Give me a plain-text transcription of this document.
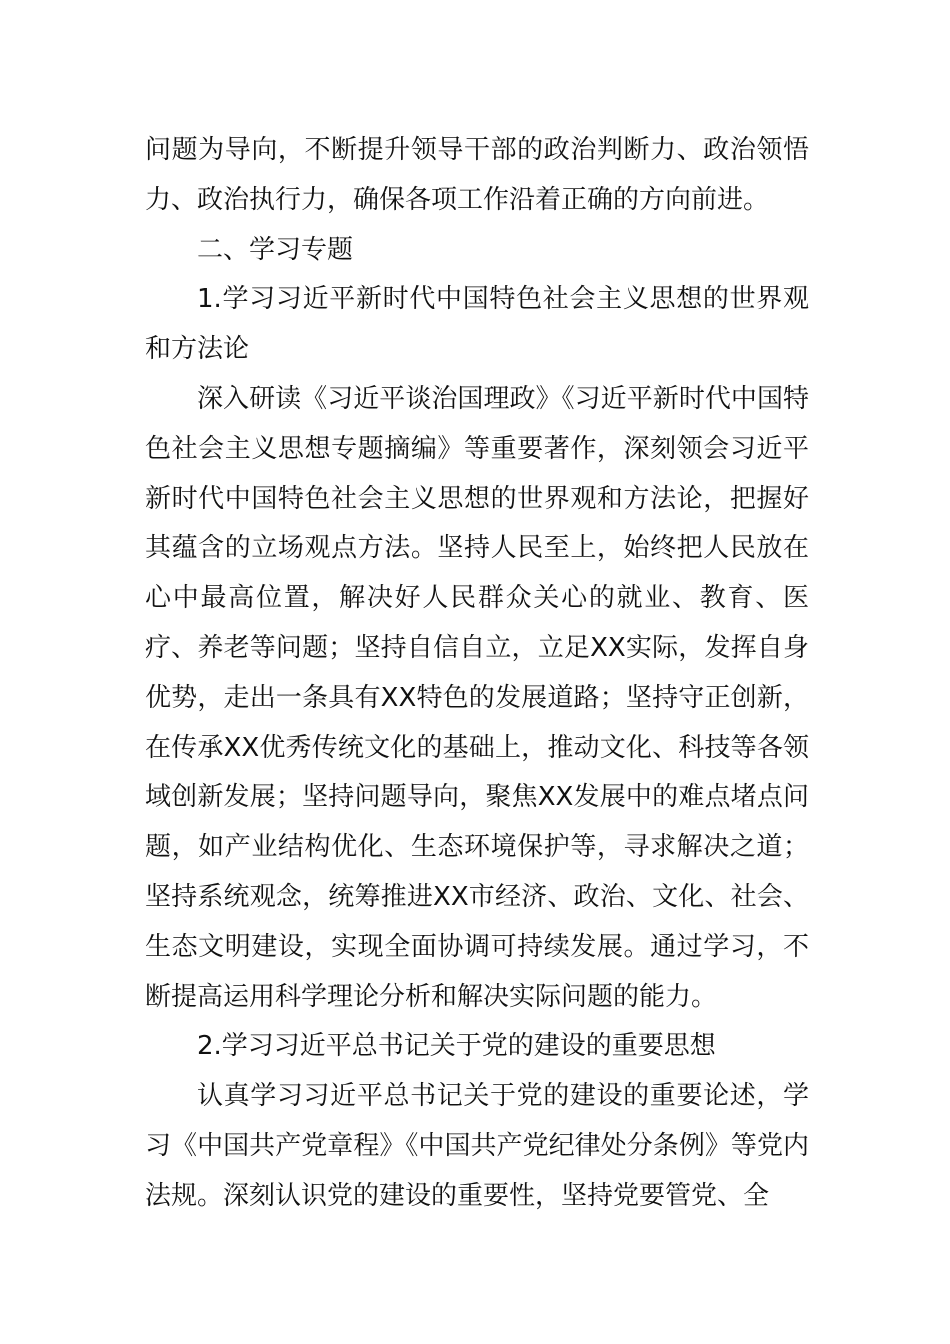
问题为导向，不断提升领导干部的政治判断力、政治领悟力、政治执行力，确保各项工作沿着正确的方向前进。

二、学习专题

1.学习习近平新时代中国特色社会主义思想的世界观和方法论

深入研读《习近平谈治国理政》《习近平新时代中国特色社会主义思想专题摘编》等重要著作，深刻领会习近平新时代中国特色社会主义思想的世界观和方法论，把握好其蕴含的立场观点方法。坚持人民至上，始终把人民放在心中最高位置，解决好人民群众关心的就业、教育、医疗、养老等问题；坚持自信自立，立足XX实际，发挥自身优势，走出一条具有XX特色的发展道路；坚持守正创新，在传承XX优秀传统文化的基础上，推动文化、科技等各领域创新发展；坚持问题导向，聚焦XX发展中的难点堵点问题，如产业结构优化、生态环境保护等，寻求解决之道；坚持系统观念，统筹推进XX市经济、政治、文化、社会、生态文明建设，实现全面协调可持续发展。通过学习，不断提高运用科学理论分析和解决实际问题的能力。

2.学习习近平总书记关于党的建设的重要思想

认真学习习近平总书记关于党的建设的重要论述，学习《中国共产党章程》《中国共产党纪律处分条例》等党内法规。深刻认识党的建设的重要性，坚持党要管党、全
